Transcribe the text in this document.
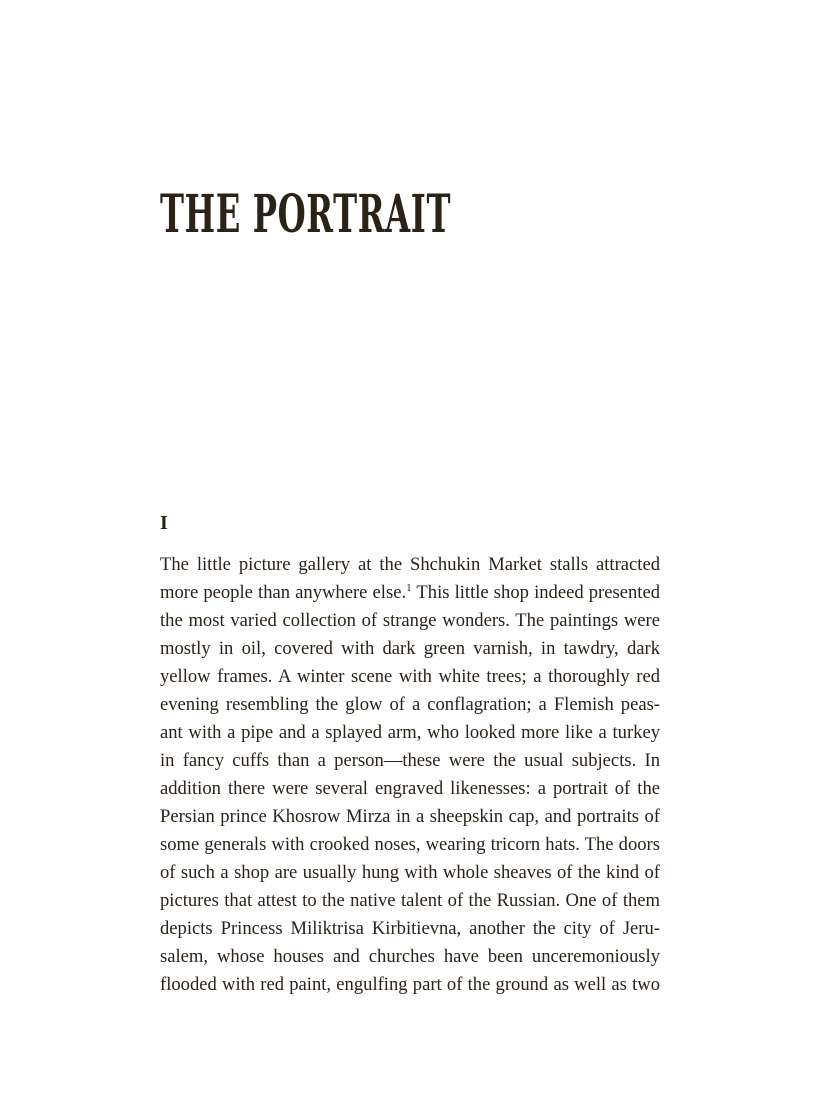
THE PORTRAIT
I
The little picture gallery at the Shchukin Market stalls attracted
more people than anywhere else.$^1$ This little shop indeed presented
the most varied collection of strange wonders. The paintings were
mostly in oil, covered with dark green varnish, in tawdry, dark
yellow frames. A winter scene with white trees; a thoroughly red
evening resembling the glow of a conflagration; a Flemish peas-
ant with a pipe and a splayed arm, who looked more like a turkey
in fancy cuffs than a person—these were the usual subjects. In
addition there were several engraved likenesses: a portrait of the
Persian prince Khosrow Mirza in a sheepskin cap, and portraits of
some generals with crooked noses, wearing tricorn hats. The doors
of such a shop are usually hung with whole sheaves of the kind of
pictures that attest to the native talent of the Russian. One of them
depicts Princess Miliktrisa Kirbitievna, another the city of Jeru-
salem, whose houses and churches have been unceremoniously
flooded with red paint, engulfing part of the ground as well as two
